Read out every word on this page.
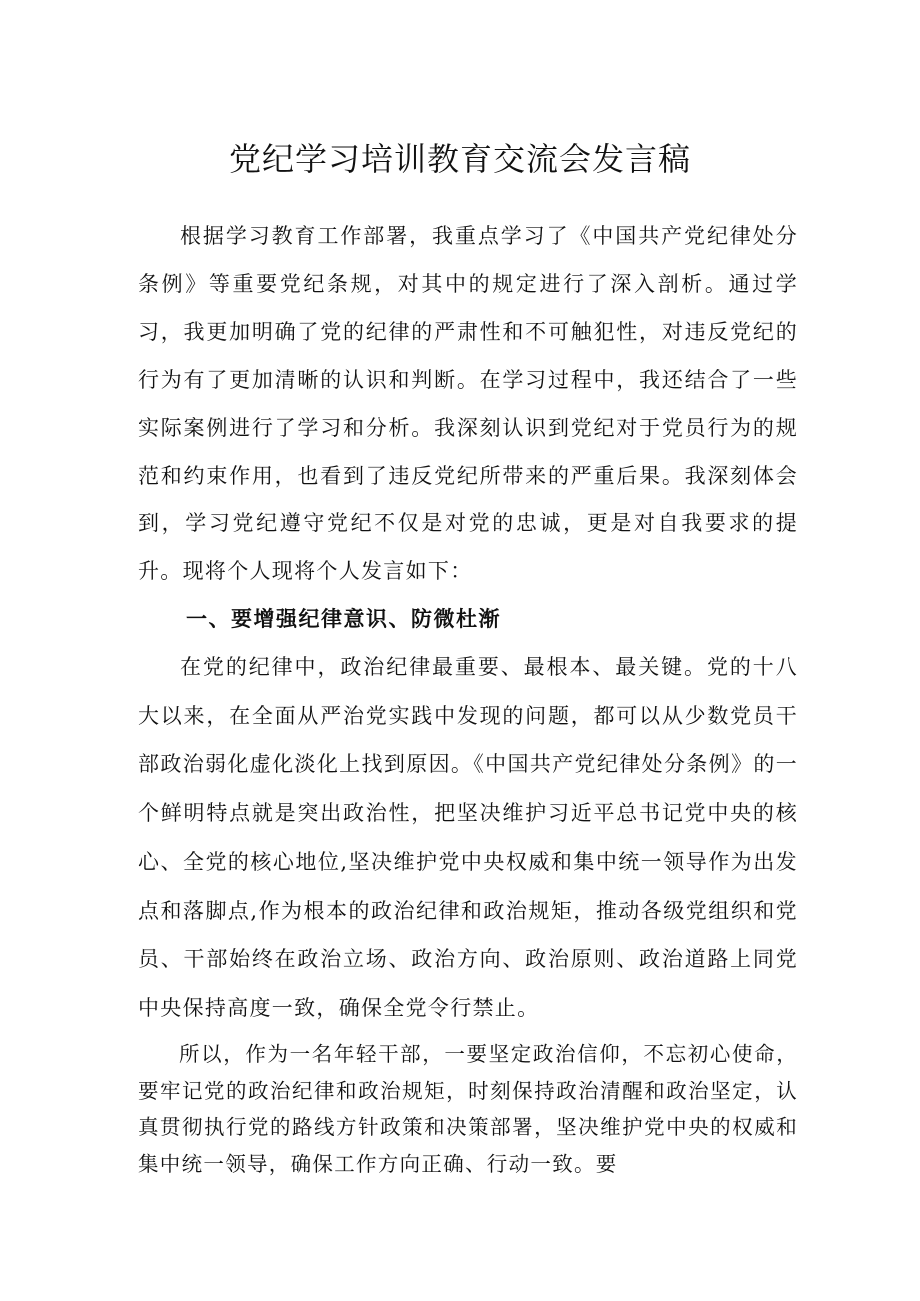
党纪学习培训教育交流会发言稿

根据学习教育工作部署，我重点学习了《中国共产党纪律处分条例》等重要党纪条规，对其中的规定进行了深入剖析。通过学习，我更加明确了党的纪律的严肃性和不可触犯性，对违反党纪的行为有了更加清晰的认识和判断。在学习过程中，我还结合了一些实际案例进行了学习和分析。我深刻认识到党纪对于党员行为的规范和约束作用，也看到了违反党纪所带来的严重后果。我深刻体会到，学习党纪遵守党纪不仅是对党的忠诚，更是对自我要求的提升。现将个人现将个人发言如下：

一、要增强纪律意识、防微杜渐

在党的纪律中，政治纪律最重要、最根本、最关键。党的十八大以来，在全面从严治党实践中发现的问题，都可以从少数党员干部政治弱化虚化淡化上找到原因。《中国共产党纪律处分条例》的一个鲜明特点就是突出政治性，把坚决维护习近平总书记党中央的核心、全党的核心地位,坚决维护党中央权威和集中统一领导作为出发点和落脚点,作为根本的政治纪律和政治规矩，推动各级党组织和党员、干部始终在政治立场、政治方向、政治原则、政治道路上同党中央保持高度一致，确保全党令行禁止。

所以，作为一名年轻干部，一要坚定政治信仰，不忘初心使命，要牢记党的政治纪律和政治规矩，时刻保持政治清醒和政治坚定，认真贯彻执行党的路线方针政策和决策部署，坚决维护党中央的权威和集中统一领导，确保工作方向正确、行动一致。要
